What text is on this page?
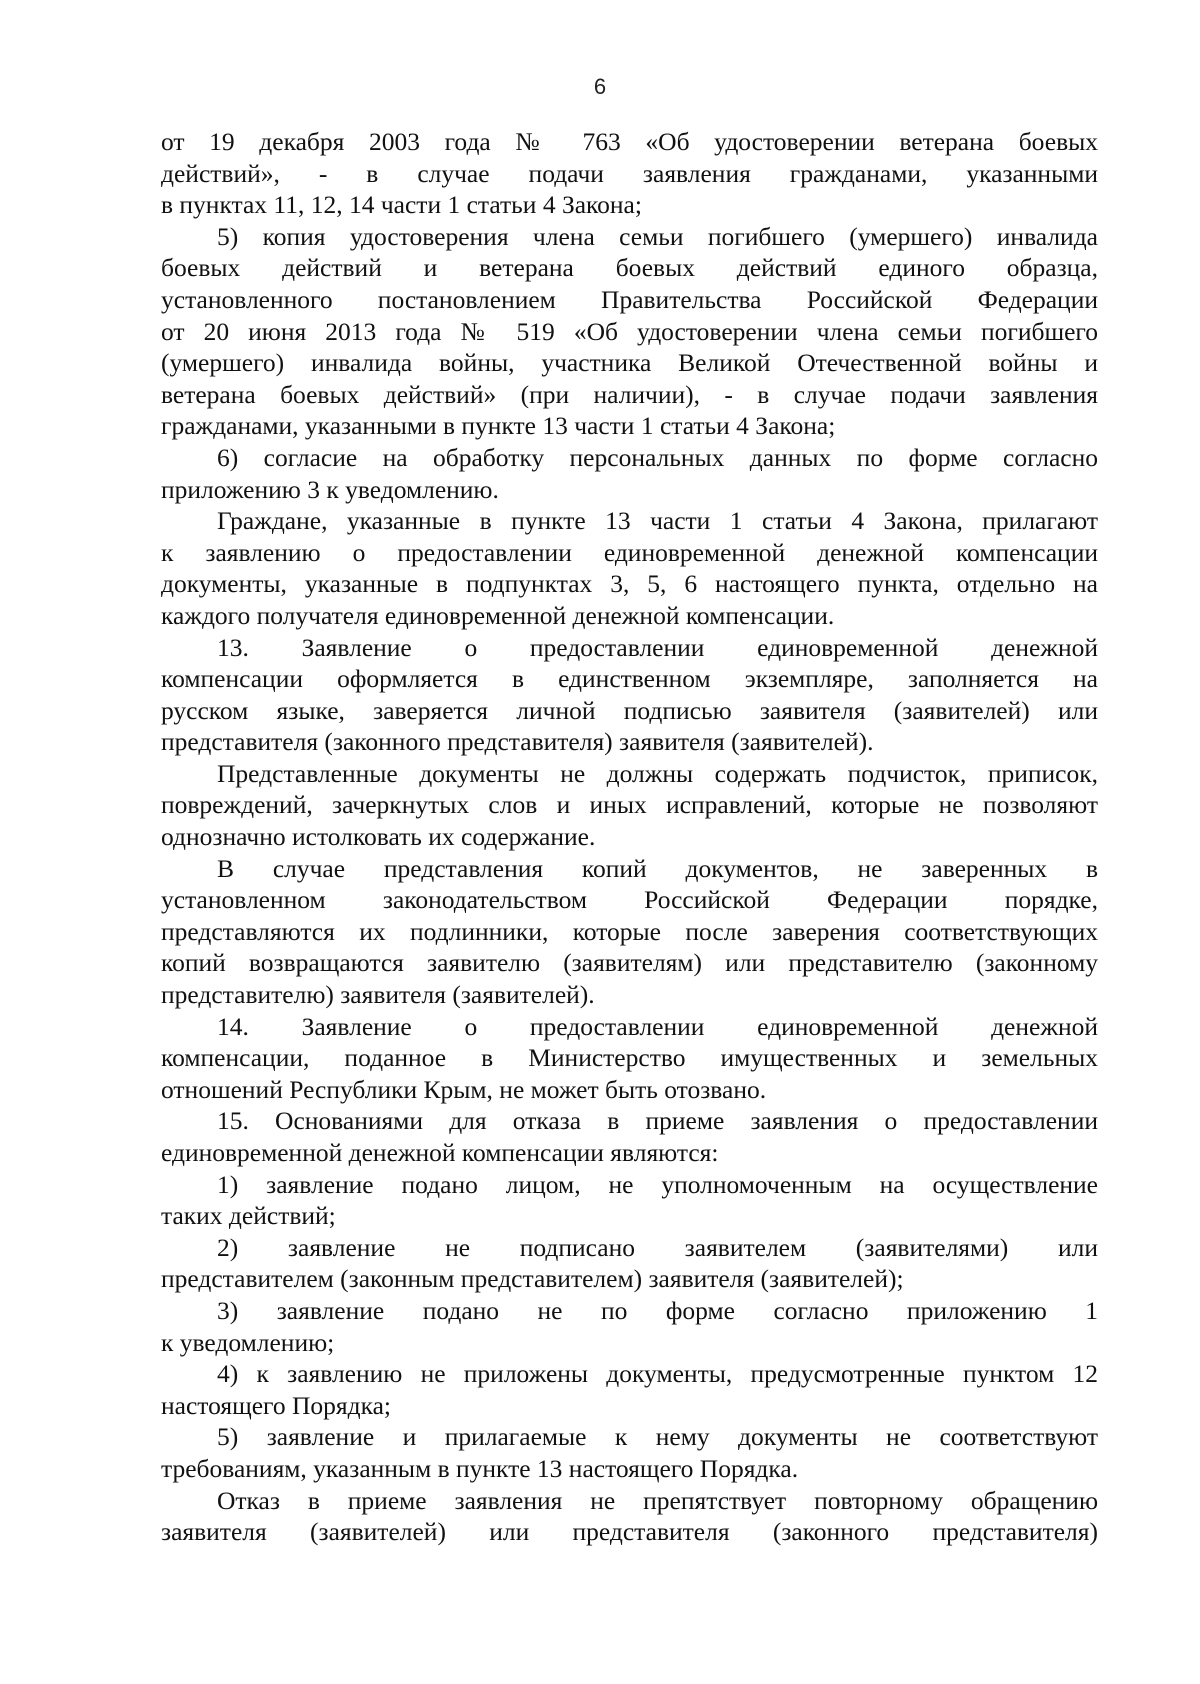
6

от 19 декабря 2003 года № 763 «Об удостоверении ветерана боевых

действий», - в случае подачи заявления гражданами, указанными

в пунктах 11, 12, 14 части 1 статьи 4 Закона;

5) копия удостоверения члена семьи погибшего (умершего) инвалида

боевых действий и ветерана боевых действий единого образца,

установленного постановлением Правительства Российской Федерации

от 20 июня 2013 года № 519 «Об удостоверении члена семьи погибшего

(умершего) инвалида войны, участника Великой Отечественной войны и

ветерана боевых действий» (при наличии), - в случае подачи заявления

гражданами, указанными в пункте 13 части 1 статьи 4 Закона;

6) согласие на обработку персональных данных по форме согласно

приложению 3 к уведомлению.

Граждане, указанные в пункте 13 части 1 статьи 4 Закона, прилагают

к заявлению о предоставлении единовременной денежной компенсации

документы, указанные в подпунктах 3, 5, 6 настоящего пункта, отдельно на

каждого получателя единовременной денежной компенсации.

13. Заявление о предоставлении единовременной денежной

компенсации оформляется в единственном экземпляре, заполняется на

русском языке, заверяется личной подписью заявителя (заявителей) или

представителя (законного представителя) заявителя (заявителей).

Представленные документы не должны содержать подчисток, приписок,

повреждений, зачеркнутых слов и иных исправлений, которые не позволяют

однозначно истолковать их содержание.

В случае представления копий документов, не заверенных в

установленном законодательством Российской Федерации порядке,

представляются их подлинники, которые после заверения соответствующих

копий возвращаются заявителю (заявителям) или представителю (законному

представителю) заявителя (заявителей).

14. Заявление о предоставлении единовременной денежной

компенсации, поданное в Министерство имущественных и земельных

отношений Республики Крым, не может быть отозвано.

15. Основаниями для отказа в приеме заявления о предоставлении

единовременной денежной компенсации являются:

1) заявление подано лицом, не уполномоченным на осуществление

таких действий;

2) заявление не подписано заявителем (заявителями) или

представителем (законным представителем) заявителя (заявителей);

3) заявление подано не по форме согласно приложению 1

к уведомлению;

4) к заявлению не приложены документы, предусмотренные пунктом 12

настоящего Порядка;

5) заявление и прилагаемые к нему документы не соответствуют

требованиям, указанным в пункте 13 настоящего Порядка.

Отказ в приеме заявления не препятствует повторному обращению

заявителя (заявителей) или представителя (законного представителя)
